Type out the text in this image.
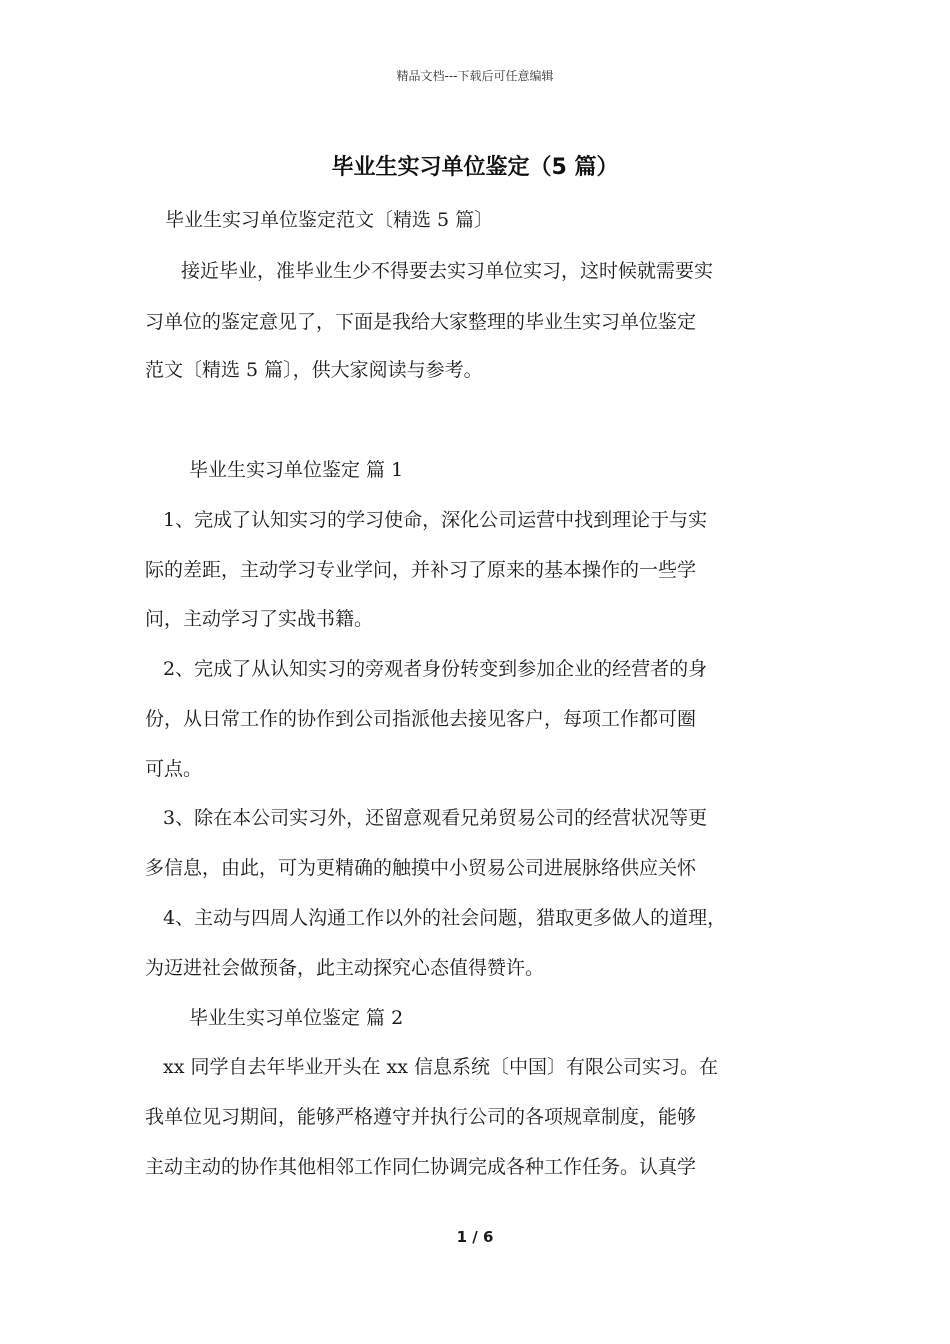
精品文档---下载后可任意编辑
毕业生实习单位鉴定（5 篇）
毕业生实习单位鉴定范文〔精选 5 篇〕
接近毕业，准毕业生少不得要去实习单位实习，这时候就需要实
习单位的鉴定意见了，下面是我给大家整理的毕业生实习单位鉴定
范文〔精选 5 篇〕，供大家阅读与参考。
毕业生实习单位鉴定 篇 1
1、完成了认知实习的学习使命，深化公司运营中找到理论于与实
际的差距，主动学习专业学问，并补习了原来的基本操作的一些学
问，主动学习了实战书籍。
2、完成了从认知实习的旁观者身份转变到参加企业的经营者的身
份，从日常工作的协作到公司指派他去接见客户，每项工作都可圈
可点。
3、除在本公司实习外，还留意观看兄弟贸易公司的经营状况等更
多信息，由此，可为更精确的触摸中小贸易公司进展脉络供应关怀
4、主动与四周人沟通工作以外的社会问题，猎取更多做人的道理，
为迈进社会做预备，此主动探究心态值得赞许。
毕业生实习单位鉴定 篇 2
xx 同学自去年毕业开头在 xx 信息系统〔中国〕有限公司实习。在
我单位见习期间，能够严格遵守并执行公司的各项规章制度，能够
主动主动的协作其他相邻工作同仁协调完成各种工作任务。认真学
1 / 6
